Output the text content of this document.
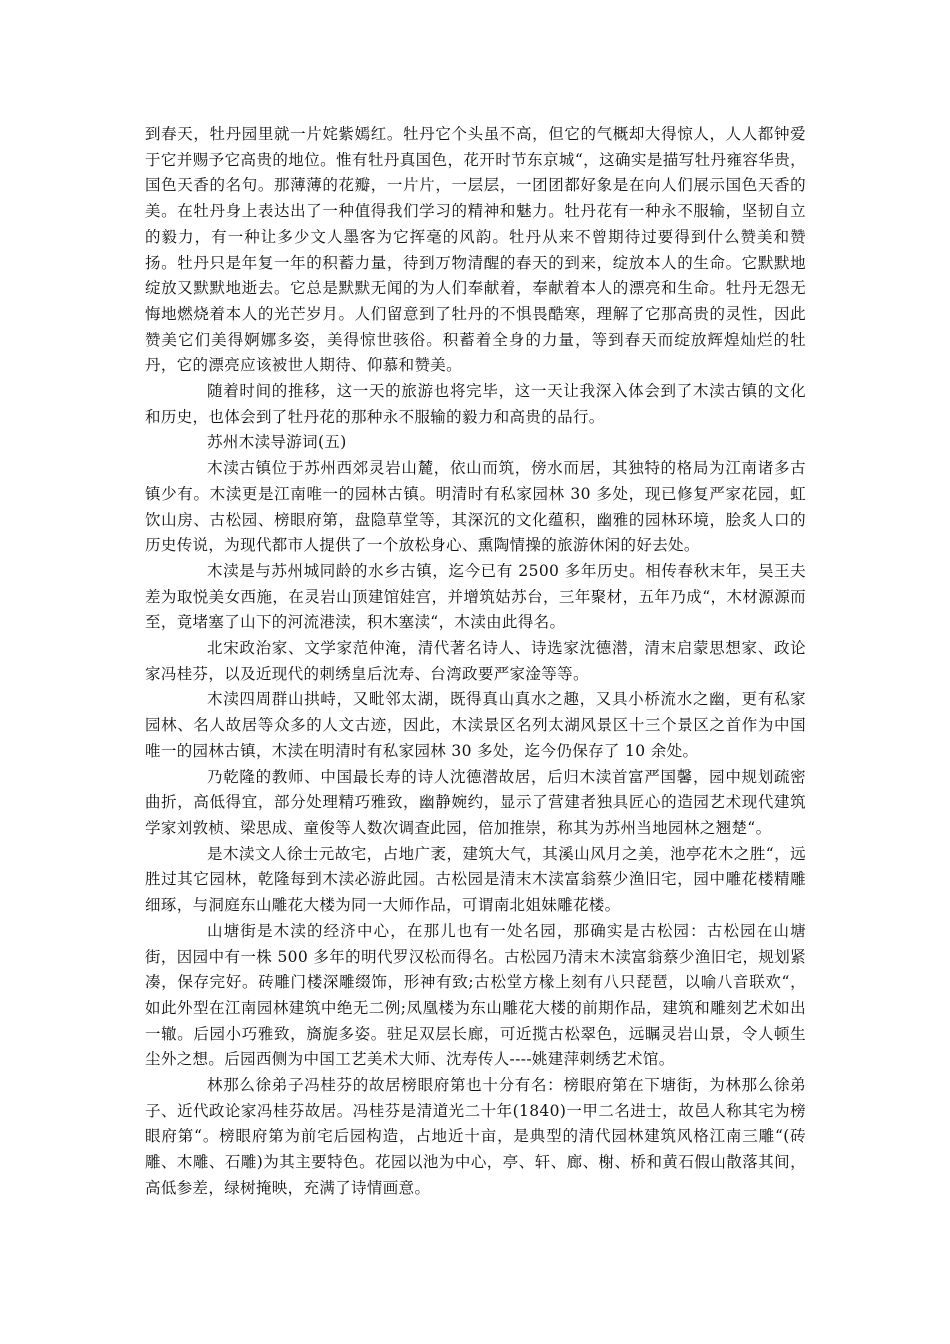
到春天，牡丹园里就一片姹紫嫣红。牡丹它个头虽不高，但它的气概却大得惊人，人人都钟爱于它并赐予它高贵的地位。惟有牡丹真国色，花开时节东京城“，这确实是描写牡丹雍容华贵，国色天香的名句。那薄薄的花瓣，一片片，一层层，一团团都好象是在向人们展示国色天香的美。在牡丹身上表达出了一种值得我们学习的精神和魅力。牡丹花有一种永不服输，坚韧自立的毅力，有一种让多少文人墨客为它挥毫的风韵。牡丹从来不曾期待过要得到什么赞美和赞扬。牡丹只是年复一年的积蓄力量，待到万物清醒的春天的到来，绽放本人的生命。它默默地绽放又默默地逝去。它总是默默无闻的为人们奉献着，奉献着本人的漂亮和生命。牡丹无怨无悔地燃烧着本人的光芒岁月。人们留意到了牡丹的不惧畏酷寒，理解了它那高贵的灵性，因此赞美它们美得婀娜多姿，美得惊世骇俗。积蓄着全身的力量，等到春天而绽放辉煌灿烂的牡丹，它的漂亮应该被世人期待、仰慕和赞美。

随着时间的推移，这一天的旅游也将完毕，这一天让我深入体会到了木渎古镇的文化和历史，也体会到了牡丹花的那种永不服输的毅力和高贵的品行。

苏州木渎导游词(五)

木渎古镇位于苏州西郊灵岩山麓，依山而筑，傍水而居，其独特的格局为江南诸多古镇少有。木渎更是江南唯一的园林古镇。明清时有私家园林 30 多处，现已修复严家花园，虹饮山房、古松园、榜眼府第，盘隐草堂等，其深沉的文化蕴积，幽雅的园林环境，脍炙人口的历史传说，为现代都市人提供了一个放松身心、熏陶情操的旅游休闲的好去处。

木渎是与苏州城同龄的水乡古镇，迄今已有 2500 多年历史。相传春秋末年，吴王夫差为取悦美女西施，在灵岩山顶建馆娃宫，并增筑姑苏台，三年聚材，五年乃成“，木材源源而至，竟堵塞了山下的河流港渎，积木塞渎“，木渎由此得名。

北宋政治家、文学家范仲淹，清代著名诗人、诗选家沈德潜，清末启蒙思想家、政论家冯桂芬，以及近现代的刺绣皇后沈寿、台湾政要严家淦等等。

木渎四周群山拱峙，又毗邻太湖，既得真山真水之趣，又具小桥流水之幽，更有私家园林、名人故居等众多的人文古迹，因此，木渎景区名列太湖风景区十三个景区之首作为中国唯一的园林古镇，木渎在明清时有私家园林 30 多处，迄今仍保存了 10 余处。

乃乾隆的教师、中国最长寿的诗人沈德潜故居，后归木渎首富严国馨，园中规划疏密曲折，高低得宜，部分处理精巧雅致，幽静婉约，显示了营建者独具匠心的造园艺术现代建筑学家刘敦桢、梁思成、童俊等人数次调查此园，倍加推崇，称其为苏州当地园林之翘楚“。

是木渎文人徐士元故宅，占地广袤，建筑大气，其溪山风月之美，池亭花木之胜“，远胜过其它园林，乾隆每到木渎必游此园。古松园是清末木渎富翁蔡少渔旧宅，园中雕花楼精雕细琢，与洞庭东山雕花大楼为同一大师作品，可谓南北姐妹雕花楼。

山塘街是木渎的经济中心，在那儿也有一处名园，那确实是古松园：古松园在山塘街，因园中有一株 500 多年的明代罗汉松而得名。古松园乃清末木渎富翁蔡少渔旧宅，规划紧凑，保存完好。砖雕门楼深雕缀饰，形神有致;古松堂方椽上刻有八只琵琶，以喻八音联欢“，如此外型在江南园林建筑中绝无二例;凤凰楼为东山雕花大楼的前期作品，建筑和雕刻艺术如出一辙。后园小巧雅致，旖旎多姿。驻足双层长廊，可近揽古松翠色，远瞩灵岩山景，令人顿生尘外之想。后园西侧为中国工艺美术大师、沈寿传人----姚建萍刺绣艺术馆。

林那么徐弟子冯桂芬的故居榜眼府第也十分有名：榜眼府第在下塘街，为林那么徐弟子、近代政论家冯桂芬故居。冯桂芬是清道光二十年(1840)一甲二名进士，故邑人称其宅为榜眼府第“。榜眼府第为前宅后园构造，占地近十亩，是典型的清代园林建筑风格江南三雕“(砖雕、木雕、石雕)为其主要特色。花园以池为中心，亭、轩、廊、榭、桥和黄石假山散落其间，高低参差，绿树掩映，充满了诗情画意。
